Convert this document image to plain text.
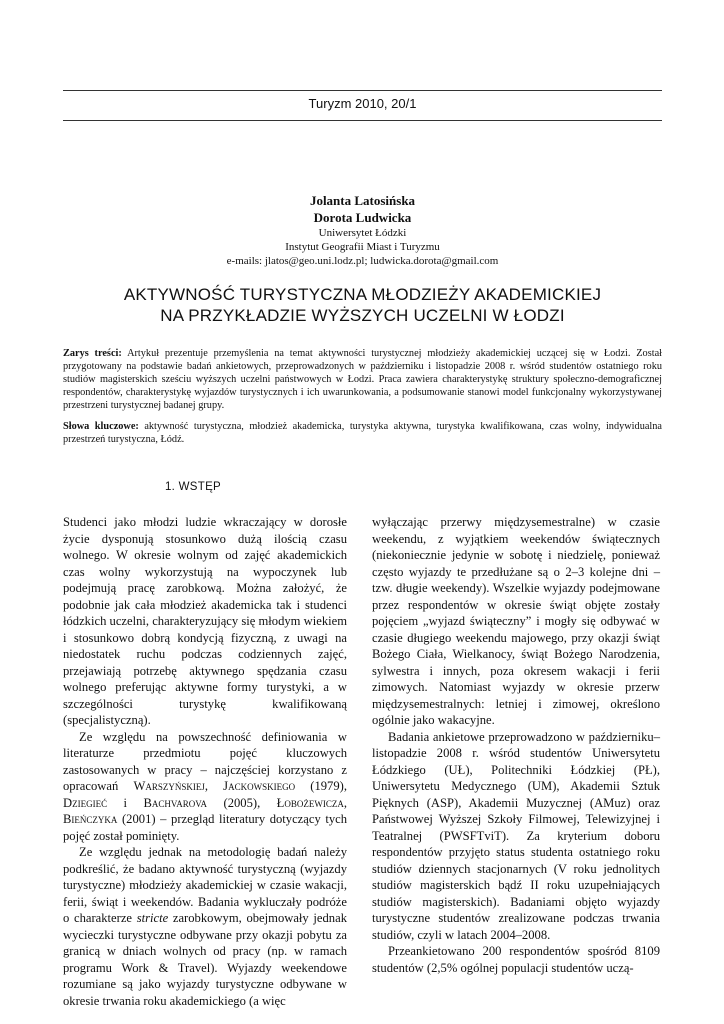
Turyzm 2010, 20/1
Jolanta Latosińska
Dorota Ludwicka
Uniwersytet Łódzki
Instytut Geografii Miast i Turyzmu
e-mails: jlatos@geo.uni.lodz.pl; ludwicka.dorota@gmail.com
AKTYWNOŚĆ TURYSTYCZNA MŁODZIEŻY AKADEMICKIEJ
NA PRZYKŁADZIE WYŻSZYCH UCZELNI W ŁODZI

Zarys treści: Artykuł prezentuje przemyślenia na temat aktywności turystycznej młodzieży akademickiej uczącej się w Łodzi. Został przygotowany na podstawie badań ankietowych, przeprowadzonych w październiku i listopadzie 2008 r. wśród studentów ostatniego roku studiów magisterskich sześciu wyższych uczelni państwowych w Łodzi. Praca zawiera charakterystykę struktury społeczno-demograficznej respondentów, charakterystykę wyjazdów turystycznych i ich uwarunkowania, a podsumowanie stanowi model funkcjonalny wykorzystywanej przestrzeni turystycznej badanej grupy.

Słowa kluczowe: aktywność turystyczna, młodzież akademicka, turystyka aktywna, turystyka kwalifikowana, czas wolny, indywidualna przestrzeń turystyczna, Łódź.

1. WSTĘP

Studenci jako młodzi ludzie wkraczający w dorosłe życie dysponują stosunkowo dużą ilością czasu wolnego. W okresie wolnym od zajęć akademickich czas wolny wykorzystują na wypoczynek lub podejmują pracę zarobkową. Można założyć, że podobnie jak cała młodzież akademicka tak i studenci łódzkich uczelni, charakteryzujący się młodym wiekiem i stosunkowo dobrą kondycją fizyczną, z uwagi na niedostatek ruchu podczas codziennych zajęć, przejawiają potrzebę aktywnego spędzania czasu wolnego preferując aktywne formy turystyki, a w szczególności turystykę kwalifikowaną (specjalistyczną).

Ze względu na powszechność definiowania w literaturze przedmiotu pojęć kluczowych zastosowanych w pracy – najczęściej korzystano z opracowań Warszyńskiej, Jackowskiego (1979), Dziegieć i Bachvarova (2005), Łobożewicza, Bieńczyka (2001) – przegląd literatury dotyczący tych pojęć został pominięty.

Ze względu jednak na metodologię badań należy podkreślić, że badano aktywność turystyczną (wyjazdy turystyczne) młodzieży akademickiej w czasie wakacji, ferii, świąt i weekendów. Badania wykluczały podróże o charakterze stricte zarobkowym, obejmowały jednak wycieczki turystyczne odbywane przy okazji pobytu za granicą w dniach wolnych od pracy (np. w ramach programu Work & Travel). Wyjazdy weekendowe rozumiane są jako wyjazdy turystyczne odbywane w okresie trwania roku akademickiego (a więc

wyłączając przerwy międzysemestralne) w czasie weekendu, z wyjątkiem weekendów świątecznych (niekoniecznie jedynie w sobotę i niedzielę, ponieważ często wyjazdy te przedłużane są o 2–3 kolejne dni – tzw. długie weekendy). Wszelkie wyjazdy podejmowane przez respondentów w okresie świąt objęte zostały pojęciem „wyjazd świąteczny” i mogły się odbywać w czasie długiego weekendu majowego, przy okazji świąt Bożego Ciała, Wielkanocy, świąt Bożego Narodzenia, sylwestra i innych, poza okresem wakacji i ferii zimowych. Natomiast wyjazdy w okresie przerw międzysemestralnych: letniej i zimowej, określono ogólnie jako wakacyjne.

Badania ankietowe przeprowadzono w październiku–listopadzie 2008 r. wśród studentów Uniwersytetu Łódzkiego (UŁ), Politechniki Łódzkiej (PŁ), Uniwersytetu Medycznego (UM), Akademii Sztuk Pięknych (ASP), Akademii Muzycznej (AMuz) oraz Państwowej Wyższej Szkoły Filmowej, Telewizyjnej i Teatralnej (PWSFTviT). Za kryterium doboru respondentów przyjęto status studenta ostatniego roku studiów dziennych stacjonarnych (V roku jednolitych studiów magisterskich bądź II roku uzupełniających studiów magisterskich). Badaniami objęto wyjazdy turystyczne studentów zrealizowane podczas trwania studiów, czyli w latach 2004–2008.

Przeankietowano 200 respondentów spośród 8109 studentów (2,5% ogólnej populacji studentów uczą-
